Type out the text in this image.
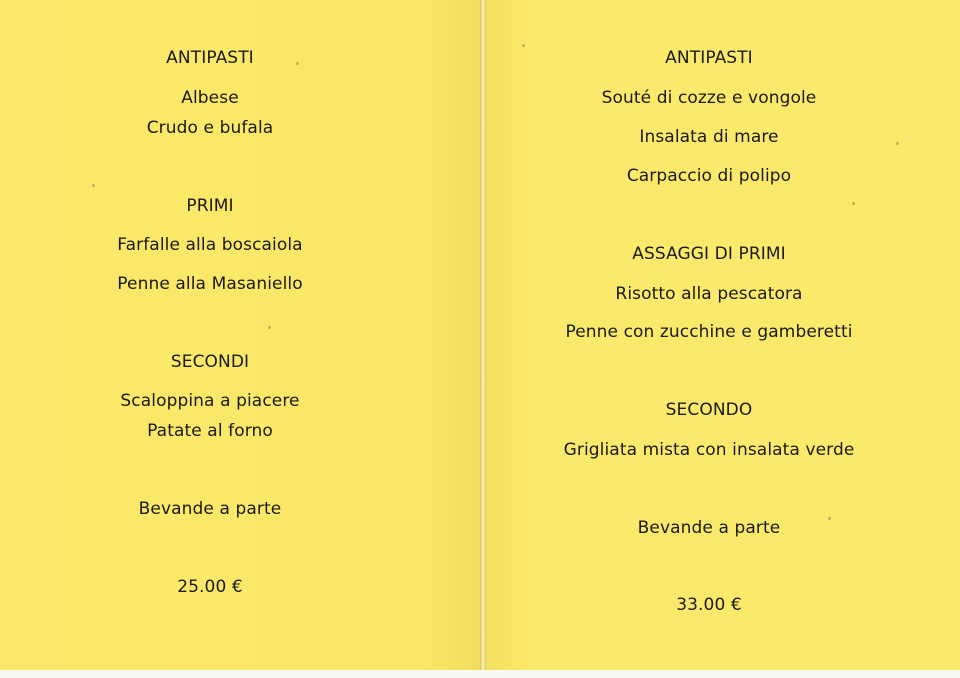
ANTIPASTI
Albese
Crudo e bufala
PRIMI
Farfalle alla boscaiola
Penne alla Masaniello
SECONDI
Scaloppina a piacere
Patate al forno
Bevande a parte
25.00 €
ANTIPASTI
Souté di cozze e vongole
Insalata di mare
Carpaccio di polipo
ASSAGGI DI PRIMI
Risotto alla pescatora
Penne con zucchine e gamberetti
SECONDO
Grigliata mista con insalata verde
Bevande a parte
33.00 €
